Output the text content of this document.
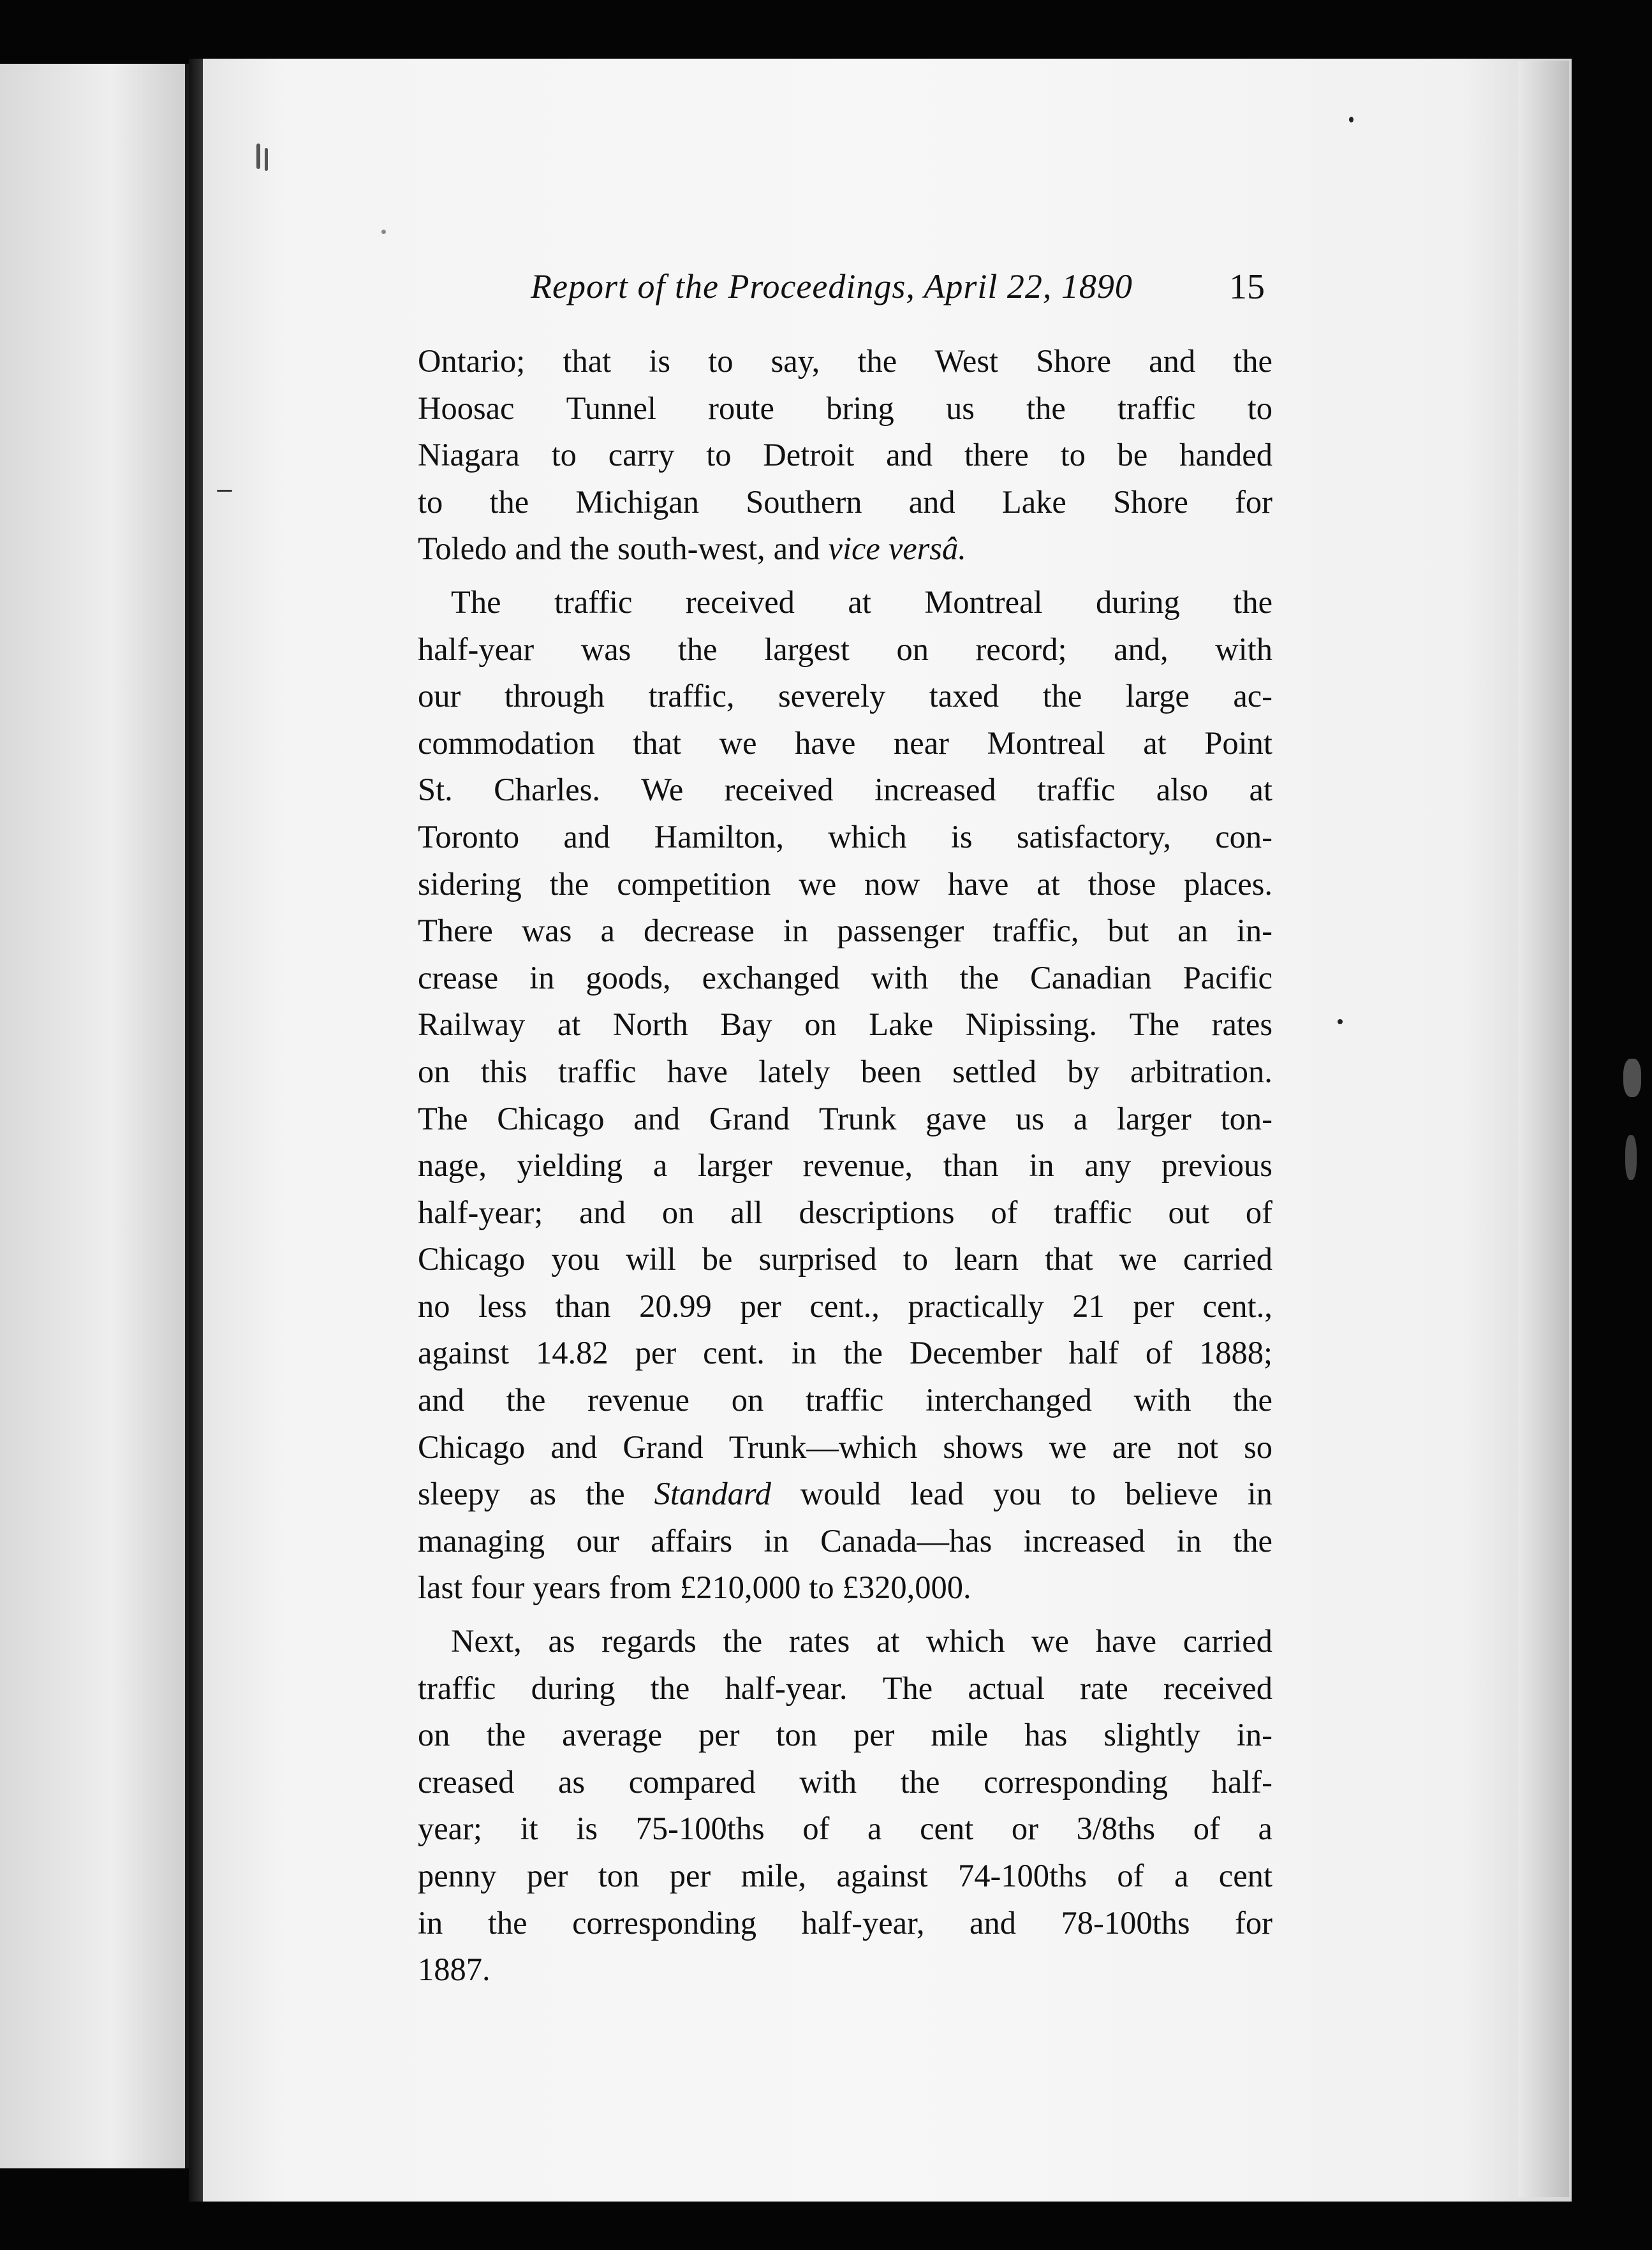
Report of the Proceedings, April 22, 1890	15
Ontario; that is to say, the West Shore and the
Hoosac Tunnel route bring us the traffic to
Niagara to carry to Detroit and there to be handed
to the Michigan Southern and Lake Shore for
Toledo and the south-west, and vice versâ.
The traffic received at Montreal during the
half-year was the largest on record; and, with
our through traffic, severely taxed the large ac-
commodation that we have near Montreal at Point
St. Charles. We received increased traffic also at
Toronto and Hamilton, which is satisfactory, con-
sidering the competition we now have at those places.
There was a decrease in passenger traffic, but an in-
crease in goods, exchanged with the Canadian Pacific
Railway at North Bay on Lake Nipissing. The rates
on this traffic have lately been settled by arbitration.
The Chicago and Grand Trunk gave us a larger ton-
nage, yielding a larger revenue, than in any previous
half-year; and on all descriptions of traffic out of
Chicago you will be surprised to learn that we carried
no less than 20.99 per cent., practically 21 per cent.,
against 14.82 per cent. in the December half of 1888;
and the revenue on traffic interchanged with the
Chicago and Grand Trunk—which shows we are not so
sleepy as the Standard would lead you to believe in
managing our affairs in Canada—has increased in the
last four years from £210,000 to £320,000.
Next, as regards the rates at which we have carried
traffic during the half-year. The actual rate received
on the average per ton per mile has slightly in-
creased as compared with the corresponding half-
year; it is 75-100ths of a cent or 3/8ths of a
penny per ton per mile, against 74-100ths of a cent
in the corresponding half-year, and 78-100ths for
1887.
